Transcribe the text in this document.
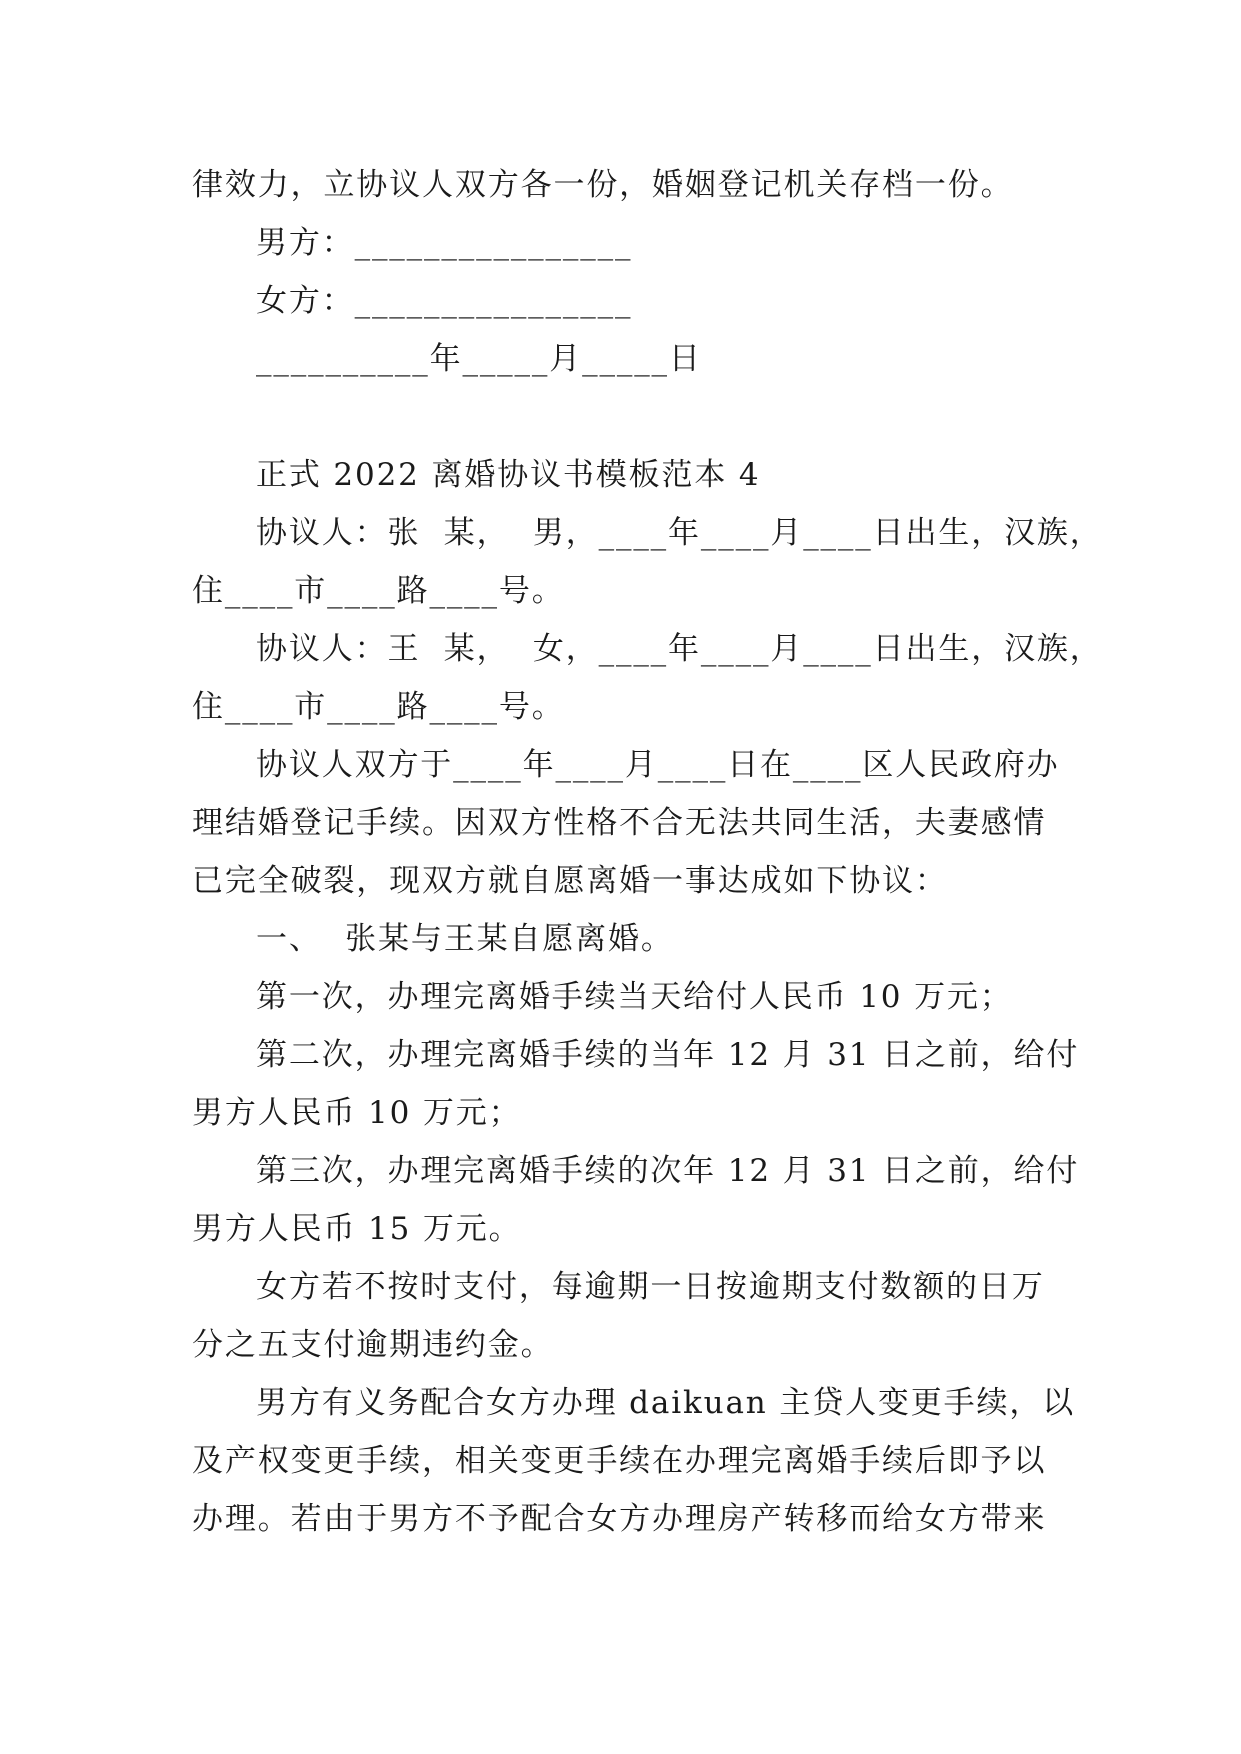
律效力，立协议人双方各一份，婚姻登记机关存档一份。
男方：________________
女方：________________
__________年_____月_____日
正式 2022 离婚协议书模板范本 4
协议人：张  某，  男，____年____月____日出生，汉族，
住____市____路____号。
协议人：王  某，  女，____年____月____日出生，汉族，
住____市____路____号。
协议人双方于____年____月____日在____区人民政府办
理结婚登记手续。因双方性格不合无法共同生活，夫妻感情
已完全破裂，现双方就自愿离婚一事达成如下协议：
一、  张某与王某自愿离婚。
第一次，办理完离婚手续当天给付人民币 10 万元；
第二次，办理完离婚手续的当年 12 月 31 日之前，给付
男方人民币 10 万元；
第三次，办理完离婚手续的次年 12 月 31 日之前，给付
男方人民币 15 万元。
女方若不按时支付，每逾期一日按逾期支付数额的日万
分之五支付逾期违约金。
男方有义务配合女方办理 daikuan 主贷人变更手续，以
及产权变更手续，相关变更手续在办理完离婚手续后即予以
办理。若由于男方不予配合女方办理房产转移而给女方带来
